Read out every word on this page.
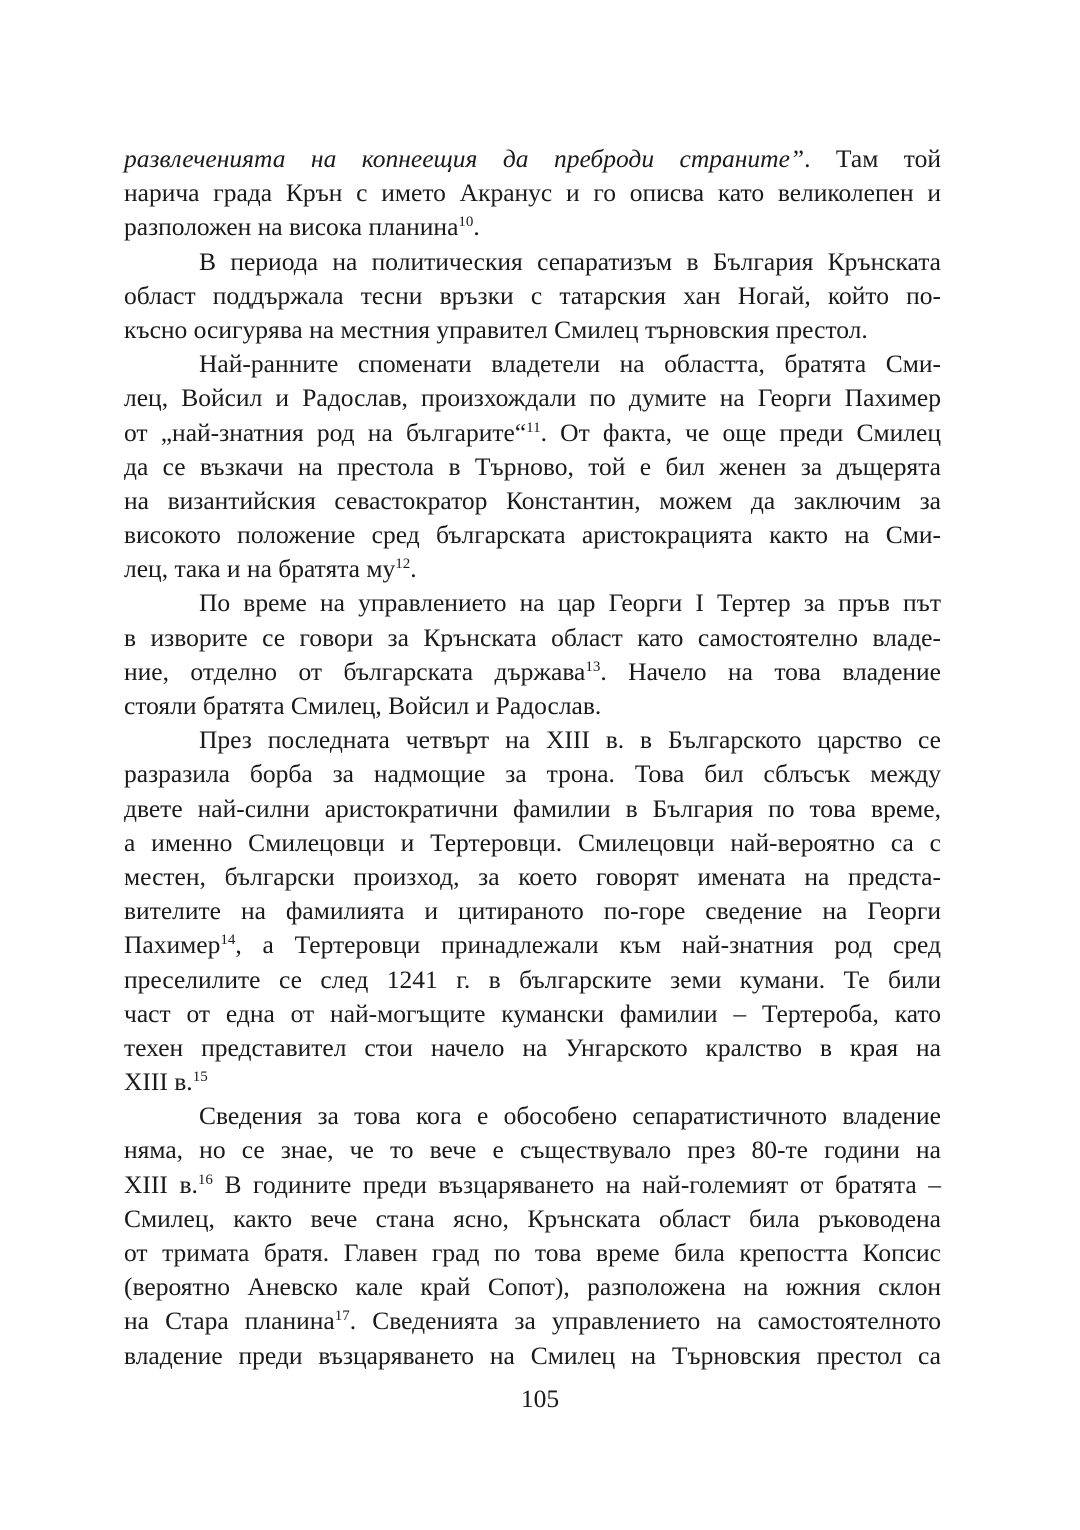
развлеченията на копнеещия да преброди страните”. Там той
нарича града Крън с името Акранус и го описва като великолепен и
разположен на висока планина$^{10}$.
В периода на политическия сепаратизъм в България Крънската
област поддържала тесни връзки с татарския хан Ногай, който по-
късно осигурява на местния управител Смилец търновския престол.
Най-ранните споменати владетели на областта, братята Сми-
лец, Войсил и Радослав, произхождали по думите на Георги Пахимер
от „най-знатния род на българите“$^{11}$. От факта, че още преди Смилец
да се възкачи на престола в Търново, той е бил женен за дъщерята
на византийския севастократор Константин, можем да заключим за
високото положение сред българската аристокрацията както на Сми-
лец, така и на братята $му^{12}$.
По време на управлението на цар Георги I Тертер за пръв път
в изворите се говори за Крънската област като самостоятелно владе-
ние, отделно от българската държава$^{13}$. Начело на това владение
стояли братята Смилец, Войсил и Радослав.
През последната четвърт на XIII в. в Българското царство се
разразила борба за надмощие за трона. Това бил сблъсък между
двете най-силни аристократични фамилии в България по това време,
а именно Смилецовци и Тертеровци. Смилецовци най-вероятно са с
местен, български произход, за което говорят имената на предста-
вителите на фамилията и цитираното по-горе сведение на Георги
Пахимер$^{14}$, а Тертеровци принадлежали към най-знатния род сред
преселилите се след 1241 г. в българските земи кумани. Те били
част от една от най-могъщите кумански фамилии – Тертероба, като
техен представител стои начело на Унгарското кралство в края на
XIII в.$^{15}$
Сведения за това кога е обособено сепаратистичното владение
няма, но се знае, че то вече е съществувало през 80-те години на
XIII в.$^{16}$ В годините преди възцаряването на най-големият от братята –
Смилец, както вече стана ясно, Крънската област била ръководена
от тримата братя. Главен град по това време била крепостта Копсис
(вероятно Аневско кале край Сопот), разположена на южния склон
на Стара планина$^{17}$. Сведенията за управлението на самостоятелното
владение преди възцаряването на Смилец на Търновския престол са
105
